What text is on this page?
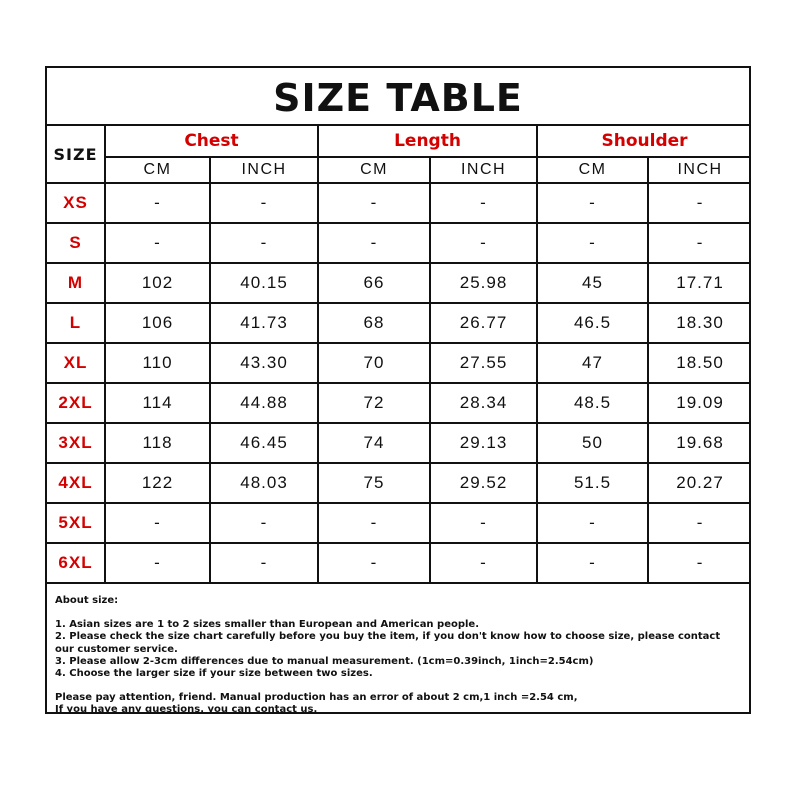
SIZE TABLE
SIZE	Chest		Length		Shoulder	
	CM	INCH	CM	INCH	CM	INCH
XS	-	-	-	-	-	-
S	-	-	-	-	-	-
M	102	40.15	66	25.98	45	17.71
L	106	41.73	68	26.77	46.5	18.30
XL	110	43.30	70	27.55	47	18.50
2XL	114	44.88	72	28.34	48.5	19.09
3XL	118	46.45	74	29.13	50	19.68
4XL	122	48.03	75	29.52	51.5	20.27
5XL	-	-	-	-	-	-
6XL	-	-	-	-	-	-

About size:

1. Asian sizes are 1 to 2 sizes smaller than European and American people.

2. Please check the size chart carefully before you buy the item, if you don't know how to choose size, please contact our customer service.

3. Please allow 2-3cm differences due to manual measurement. (1cm=0.39inch, 1inch=2.54cm)

4. Choose the larger size if your size between two sizes.

Please pay attention, friend. Manual production has an error of about 2 cm,1 inch =2.54 cm,

If you have any questions, you can contact us.
